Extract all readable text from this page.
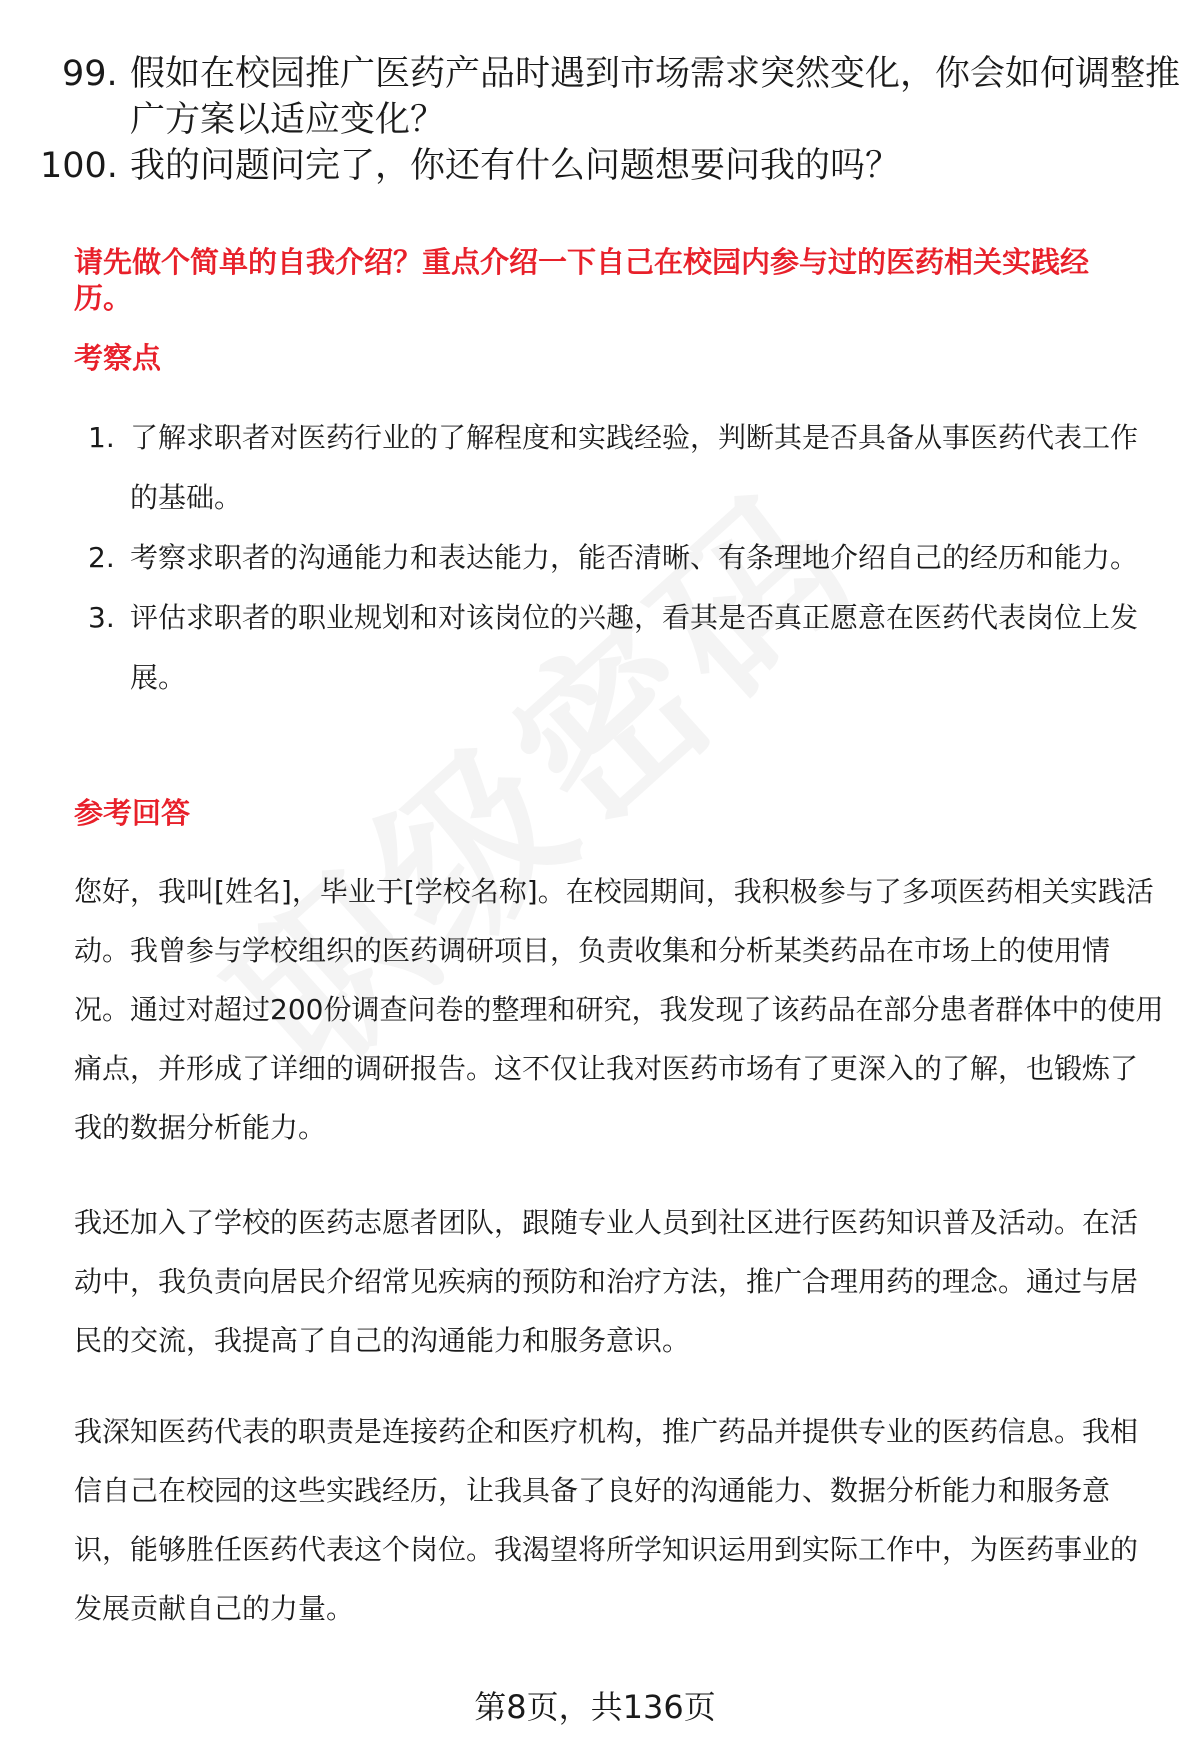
99. 假如在校园推广医药产品时遇到市场需求突然变化，你会如何调整推广方案以适应变化？
100. 我的问题问完了，你还有什么问题想要问我的吗？
请先做个简单的自我介绍？重点介绍一下自己在校园内参与过的医药相关实践经历。
考察点
1. 了解求职者对医药行业的了解程度和实践经验，判断其是否具备从事医药代表工作的基础。
2. 考察求职者的沟通能力和表达能力，能否清晰、有条理地介绍自己的经历和能力。
3. 评估求职者的职业规划和对该岗位的兴趣，看其是否真正愿意在医药代表岗位上发展。
参考回答

您好，我叫[姓名]，毕业于[学校名称]。在校园期间，我积极参与了多项医药相关实践活动。我曾参与学校组织的医药调研项目，负责收集和分析某类药品在市场上的使用情况。通过对超过200份调查问卷的整理和研究，我发现了该药品在部分患者群体中的使用痛点，并形成了详细的调研报告。这不仅让我对医药市场有了更深入的了解，也锻炼了我的数据分析能力。

我还加入了学校的医药志愿者团队，跟随专业人员到社区进行医药知识普及活动。在活动中，我负责向居民介绍常见疾病的预防和治疗方法，推广合理用药的理念。通过与居民的交流，我提高了自己的沟通能力和服务意识。

我深知医药代表的职责是连接药企和医疗机构，推广药品并提供专业的医药信息。我相信自己在校园的这些实践经历，让我具备了良好的沟通能力、数据分析能力和服务意识，能够胜任医药代表这个岗位。我渴望将所学知识运用到实际工作中，为医药事业的发展贡献自己的力量。

第8页，共136页
